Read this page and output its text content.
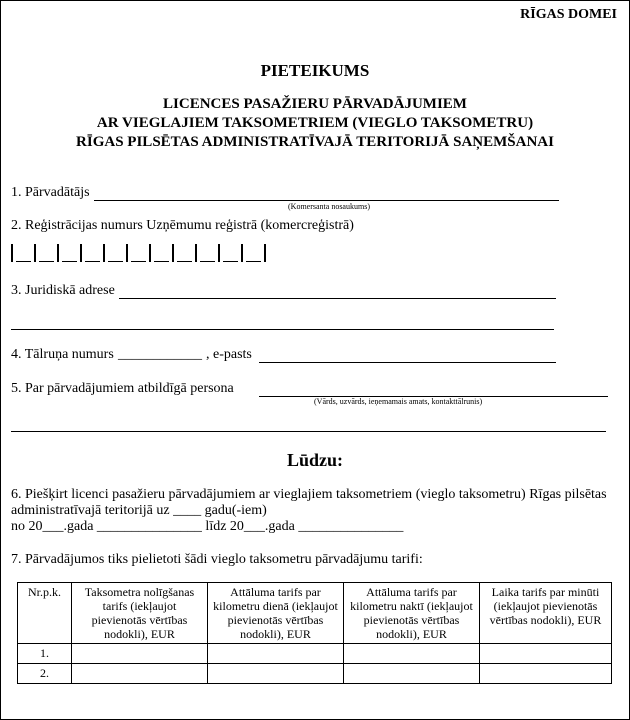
RĪGAS DOMEI
PIETEIKUMS
LICENCES PASAŽIERU PĀRVADĀJUMIEM
AR VIEGLAJIEM TAKSOMETRIEM (VIEGLO TAKSOMETRU)
RĪGAS PILSĒTAS ADMINISTRATĪVAJĀ TERITORIJĀ SAŅEMŠANAI
1. Pārvadātājs
(Komersanta nosaukums)
2. Reģistrācijas numurs Uzņēmumu reģistrā (komercreģistrā)
3. Juridiskā adrese
4. Tālruņa numurs ____________ , e-pasts
5. Par pārvadājumiem atbildīgā persona
(Vārds, uzvārds, ieņemamais amats, kontakttālrunis)
Lūdzu:
6. Piešķirt licenci pasažieru pārvadājumiem ar vieglajiem taksometriem (vieglo taksometru) Rīgas pilsētas
administratīvajā teritorijā uz ____ gadu(-iem)
no 20___.gada _______________ līdz 20___.gada _______________
7. Pārvadājumos tiks pielietoti šādi vieglo taksometru pārvadājumu tarifi:
Nr.p.k.	Taksometra nolīgšanas tarifs (iekļaujot pievienotās vērtības nodokli), EUR	Attāluma tarifs par kilometru dienā (iekļaujot pievienotās vērtības nodokli), EUR	Attāluma tarifs par kilometru naktī (iekļaujot pievienotās vērtības nodokli), EUR	Laika tarifs par minūti (iekļaujot pievienotās vērtības nodokli), EUR
1.				
2.				
